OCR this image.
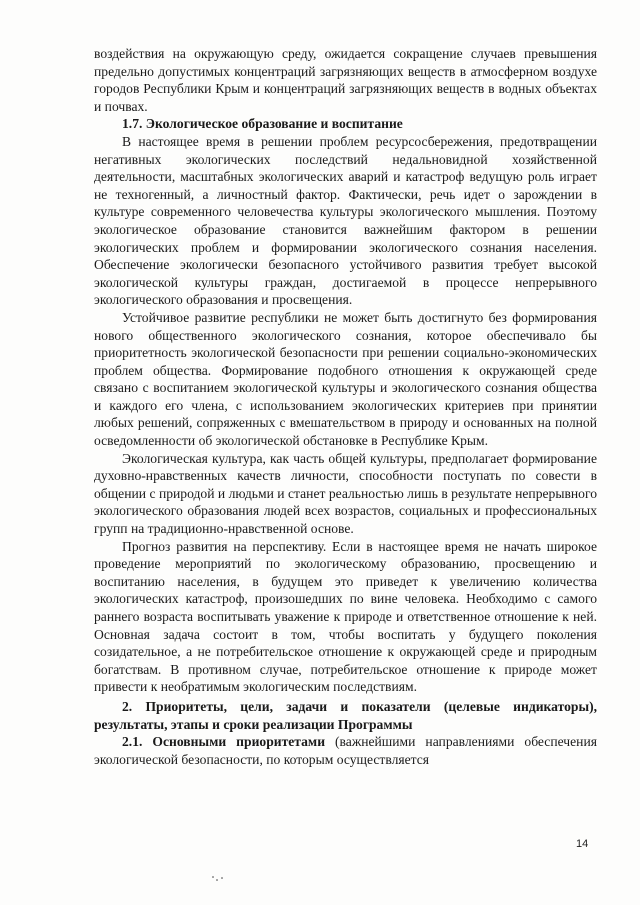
воздействия на окружающую среду, ожидается сокращение случаев превышения предельно допустимых концентраций загрязняющих веществ в атмосферном воздухе городов Республики Крым и концентраций загрязняющих веществ в водных объектах и почвах.

1.7. Экологическое образование и воспитание

В настоящее время в решении проблем ресурсосбережения, предотвращении негативных экологических последствий недальновидной хозяйственной деятельности, масштабных экологических аварий и катастроф ведущую роль играет не техногенный, а личностный фактор. Фактически, речь идет о зарождении в культуре современного человечества культуры экологического мышления. Поэтому экологическое образование становится важнейшим фактором в решении экологических проблем и формировании экологического сознания населения. Обеспечение экологически безопасного устойчивого развития требует высокой экологической культуры граждан, достигаемой в процессе непрерывного экологического образования и просвещения.

Устойчивое развитие республики не может быть достигнуто без формирования нового общественного экологического сознания, которое обеспечивало бы приоритетность экологической безопасности при решении социально-экономических проблем общества. Формирование подобного отношения к окружающей среде связано с воспитанием экологической культуры и экологического сознания общества и каждого его члена, с использованием экологических критериев при принятии любых решений, сопряженных с вмешательством в природу и основанных на полной осведомленности об экологической обстановке в Республике Крым.

Экологическая культура, как часть общей культуры, предполагает формирование духовно-нравственных качеств личности, способности поступать по совести в общении с природой и людьми и станет реальностью лишь в результате непрерывного экологического образования людей всех возрастов, социальных и профессиональных групп на традиционно-нравственной основе.

Прогноз развития на перспективу. Если в настоящее время не начать широкое проведение мероприятий по экологическому образованию, просвещению и воспитанию населения, в будущем это приведет к увеличению количества экологических катастроф, произошедших по вине человека. Необходимо с самого раннего возраста воспитывать уважение к природе и ответственное отношение к ней. Основная задача состоит в том, чтобы воспитать у будущего поколения созидательное, а не потребительское отношение к окружающей среде и природным богатствам. В противном случае, потребительское отношение к природе может привести к необратимым экологическим последствиям.

2. Приоритеты, цели, задачи и показатели (целевые индикаторы), результаты, этапы и сроки реализации Программы

2.1. Основными приоритетами (важнейшими направлениями обеспечения экологической безопасности, по которым осуществляется

14
